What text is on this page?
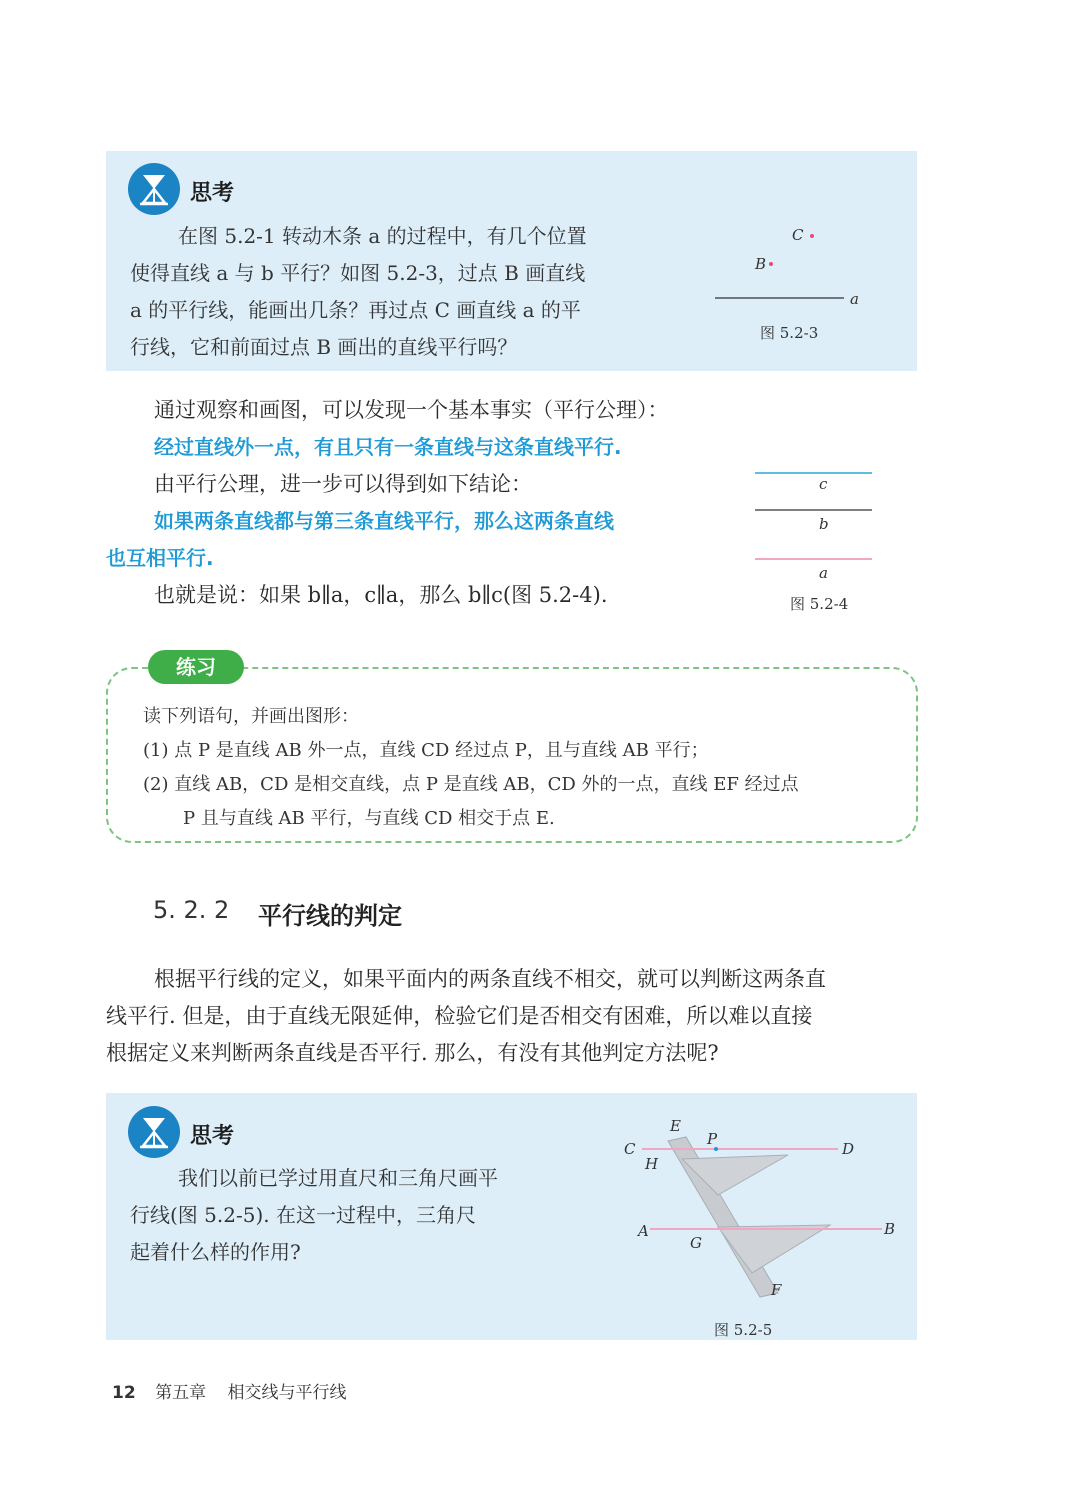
思考

在图 5.2-1 转动木条 a 的过程中，有几个位置

使得直线 a 与 b 平行？如图 5.2-3，过点 B 画直线

a 的平行线，能画出几条？再过点 C 画直线 a 的平

行线，它和前面过点 B 画出的直线平行吗？

C
B
a
图 5.2-3

通过观察和画图，可以发现一个基本事实（平行公理）：

经过直线外一点，有且只有一条直线与这条直线平行.

由平行公理，进一步可以得到如下结论：

如果两条直线都与第三条直线平行，那么这两条直线

也互相平行.

也就是说：如果 b∥a，c∥a，那么 b∥c(图 5.2-4).

c
b
a
图 5.2-4
练习

读下列语句，并画出图形：

(1) 点 P 是直线 AB 外一点，直线 CD 经过点 P，且与直线 AB 平行；

(2) 直线 AB，CD 是相交直线，点 P 是直线 AB，CD 外的一点，直线 EF 经过点

P 且与直线 AB 平行，与直线 CD 相交于点 E.

5. 2. 2 平行线的判定

根据平行线的定义，如果平面内的两条直线不相交，就可以判断这两条直

线平行. 但是，由于直线无限延伸，检验它们是否相交有困难，所以难以直接

根据定义来判断两条直线是否平行. 那么，有没有其他判定方法呢?

思考

我们以前已学过用直尺和三角尺画平

行线(图 5.2-5). 在这一过程中，三角尺

起着什么样的作用?

E
P
C	D
H
A	B
G
F
图 5.2-5
12 第五章 相交线与平行线
